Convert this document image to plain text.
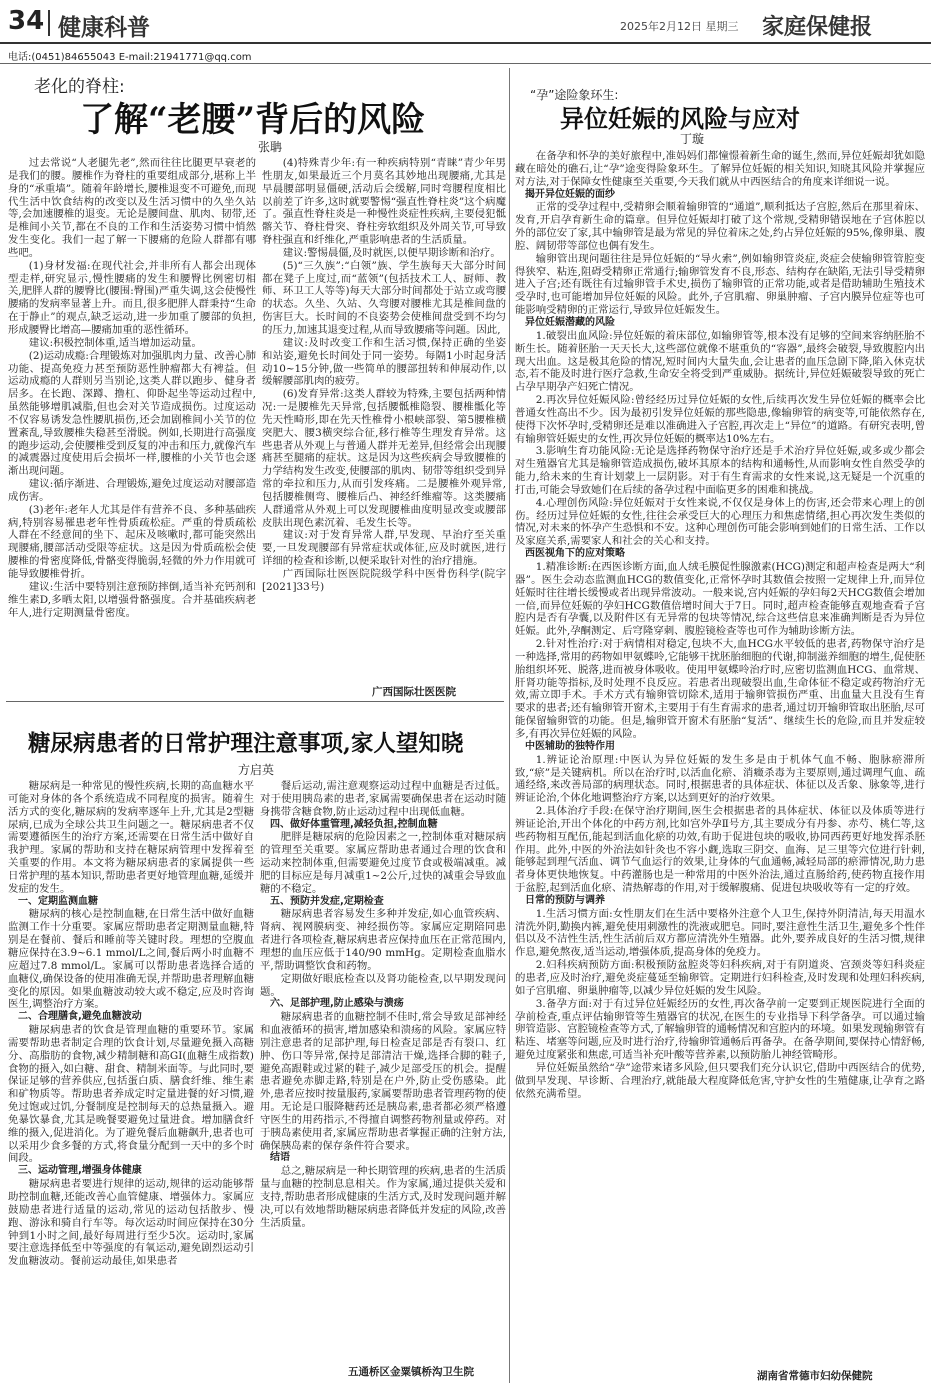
34 健康科普	2025年2月12日 星期三 家庭保健报
电话:(0451)84655043 E-mail:21941771@qq.com
老化的脊柱:
了解“老腰”背后的风险
张聃

过去常说“人老腿先老”,然而往往比腿更早衰老的是我们的腰。腰椎作为脊柱的重要组成部分,堪称上半身的“承重墙”。随着年龄增长,腰椎退变不可避免,而现代生活中饮食结构的改变以及生活习惯中的久坐久站等,会加速腰椎的退变。无论是腰间盘、肌肉、韧带,还是椎间小关节,都在不良的工作和生活姿势习惯中悄然发生变化。我们一起了解一下腰痛的危险人群都有哪些吧。

(1)身材发福:在现代社会,并非所有人都会出现体型走样,研究显示,慢性腰痛的发生和腰臀比例密切相关,肥胖人群的腰臀比(腰围:臀围)严重失调,这会使慢性腰痛的发病率显著上升。而且,很多肥胖人群秉持“生命在于静止”的观点,缺乏运动,进一步加重了腰部的负担,形成腰臀比增高—腰痛加重的恶性循环。

建议:积极控制体重,适当增加运动量。

(2)运动成瘾:合理锻炼对加强肌肉力量、改善心肺功能、提高免疫力甚至预防恶性肿瘤都大有裨益。但运动成瘾的人群则另当别论,这类人群以跑步、健身者居多。在长跑、深蹲、撸杠、仰卧起坐等运动过程中,虽然能够增肌减脂,但也会对关节造成损伤。过度运动不仅容易诱发急性腰肌损伤,还会加剧椎间小关节的位置紊乱,导致腰椎失稳甚至滑脱。例如,长期进行高强度的跑步运动,会使腰椎受到反复的冲击和压力,就像汽车的减震器过度使用后会损坏一样,腰椎的小关节也会逐渐出现问题。

建议:循序渐进、合理锻炼,避免过度运动对腰部造成伤害。

(3)老年:老年人尤其是伴有营养不良、多种基础疾病,特别容易罹患老年性骨质疏松症。严重的骨质疏松人群在不经意间的坐下、起床及咳嗽时,都可能突然出现腰痛,腰部活动受限等症状。这是因为骨质疏松会使腰椎的骨密度降低,骨骼变得脆弱,轻微的外力作用就可能导致腰椎骨折。

建议:生活中要特别注意预防摔倒,适当补充钙剂和维生素D,多晒太阳,以增强骨骼强度。合并基础疾病老年人,进行定期测量骨密度。

(4)特殊青少年:有一种疾病特别“青睐”青少年男性朋友,如果最近三个月莫名其妙地出现腰痛,尤其是早晨腰部明显僵硬,活动后会缓解,同时弯腰程度相比以前差了许多,这时就要警惕“强直性脊柱炎”这个病魔了。强直性脊柱炎是一种慢性炎症性疾病,主要侵犯骶髂关节、脊柱骨突、脊柱旁软组织及外周关节,可导致脊柱强直和纤维化,严重影响患者的生活质量。

建议:警惕晨僵,及时就医,以便早期诊断和治疗。

(5)“三久族”:“白领”族、学生族每天大部分时间都在凳子上度过,而“蓝领”(包括技术工人、厨师、教师、环卫工人等等)每天大部分时间都处于站立或弯腰的状态。久坐、久站、久弯腰对腰椎尤其是椎间盘的伤害巨大。长时间的不良姿势会使椎间盘受到不均匀的压力,加速其退变过程,从而导致腰痛等问题。因此,

建议:及时改变工作和生活习惯,保持正确的坐姿和站姿,避免长时间处于同一姿势。每隔1小时起身活动10~15分钟,做一些简单的腰部扭转和伸展动作,以缓解腰部肌肉的疲劳。

(6)发育异常:这类人群较为特殊,主要包括两种情况:一是腰椎先天异常,包括腰骶椎隐裂、腰椎骶化等先天性畸形,即在先天性椎骨小根峡部裂、第5腰椎横突肥大、腰3横突综合征,移行椎等生理发育异常。这些患者从外观上与普通人群并无差异,但经常会出现腰痛甚至腿痛的症状。这是因为这些疾病会导致腰椎的力学结构发生改变,使腰部的肌肉、韧带等组织受到异常的牵拉和压力,从而引发疼痛。二是腰椎外观异常,包括腰椎侧弯、腰椎后凸、神经纤维瘤等。这类腰痛人群通常从外观上可以发现腰椎曲度明显改变或腰部皮肤出现色素沉着、毛发生长等。

建议:对于发育异常人群,早发现、早治疗至关重要,一旦发现腰部有异常症状或体征,应及时就医,进行详细的检查和诊断,以便采取针对性的治疗措施。

广西国际壮医医院院级学科中医骨伤科学(院字[2021]33号)

广西国际壮医医院
糖尿病患者的日常护理注意事项,家人望知晓
方启英

糖尿病是一种常见的慢性疾病,长期的高血糖水平可能对身体的各个系统造成不同程度的损害。随着生活方式的变化,糖尿病的发病率逐年上升,尤其是2型糖尿病,已成为全球公共卫生问题之一。糖尿病患者不仅需要遵循医生的治疗方案,还需要在日常生活中做好自我护理。家属的帮助和支持在糖尿病管理中发挥着至关重要的作用。本文将为糖尿病患者的家属提供一些日常护理的基本知识,帮助患者更好地管理血糖,延缓并发症的发生。

一、定期监测血糖

糖尿病的核心是控制血糖,在日常生活中做好血糖监测工作十分重要。家属应帮助患者定期测量血糖,特别是在餐前、餐后和睡前等关键时段。理想的空腹血糖应保持在3.9~6.1 mmol/L之间,餐后两小时血糖不应超过7.8 mmol/L。家属可以帮助患者选择合适的血糖仪,确保设备的使用准确无误,并帮助患者理解血糖变化的原因。如果血糖波动较大或不稳定,应及时咨询医生,调整治疗方案。

二、合理膳食,避免血糖波动

糖尿病患者的饮食是管理血糖的重要环节。家属需要帮助患者制定合理的饮食计划,尽量避免摄入高糖分、高脂肪的食物,减少精制糖和高GI(血糖生成指数)食物的摄入,如白糖、甜食、精制米面等。与此同时,要保证足够的营养供应,包括蛋白质、膳食纤维、维生素和矿物质等。帮助患者养成定时定量进餐的好习惯,避免过饱或过饥,分餐制度是控制每天的总热量摄入。避免暴饮暴食,尤其是晚餐要避免过量进食。增加膳食纤维的摄入,促进消化。为了避免餐后血糖飙升,患者也可以采用少食多餐的方式,将食量分配到一天中的多个时间段。

三、运动管理,增强身体健康

糖尿病患者要进行规律的运动,规律的运动能够帮助控制血糖,还能改善心血管健康、增强体力。家属应鼓励患者进行适量的运动,常见的运动包括散步、慢跑、游泳和骑自行车等。每次运动时间应保持在30分钟到1小时之间,最好每周进行至少5次。运动时,家属要注意选择低至中等强度的有氧运动,避免剧烈运动引发血糖波动。餐前运动最佳,如果患者

餐后运动,需注意观察运动过程中血糖是否过低。对于使用胰岛素的患者,家属需要确保患者在运动时随身携带含糖食物,防止运动过程中出现低血糖。

四、做好体重管理,减轻负担,控制血糖

肥胖是糖尿病的危险因素之一,控制体重对糖尿病的管理至关重要。家属应帮助患者通过合理的饮食和运动来控制体重,但需要避免过度节食或极端减重。减肥的目标应是每月减重1~2公斤,过快的减重会导致血糖的不稳定。

五、预防并发症,定期检查

糖尿病患者容易发生多种并发症,如心血管疾病、肾病、视网膜病变、神经损伤等。家属应定期陪同患者进行各项检查,糖尿病患者应保持血压在正常范围内,理想的血压应低于140/90 mmHg。定期检查血脂水平,帮助调整饮食和药物。

定期做好眼底检查以及肾功能检查,以早期发现问题。

六、足部护理,防止感染与溃疡

糖尿病患者的血糖控制不佳时,常会导致足部神经和血液循环的损害,增加感染和溃疡的风险。家属应特别注意患者的足部护理,每日检查足部是否有裂口、红肿、伤口等异常,保持足部清洁干燥,选择合脚的鞋子,避免高跟鞋或过紧的鞋子,减少足部受压的机会。提醒患者避免赤脚走路,特别是在户外,防止受伤感染。此外,患者应按时按量服药,家属要帮助患者管理药物的使用。无论是口服降糖药还是胰岛素,患者都必须严格遵守医生的用药指示,不得擅自调整药物剂量或停药。对于胰岛素使用者,家属应帮助患者掌握正确的注射方法,确保胰岛素的保存条件符合要求。

结语

总之,糖尿病是一种长期管理的疾病,患者的生活质量与血糖的控制息息相关。作为家属,通过提供关爱和支持,帮助患者形成健康的生活方式,及时发现问题并解决,可以有效地帮助糖尿病患者降低并发症的风险,改善生活质量。

五通桥区金粟镇桥沟卫生院
“孕”途险象环生:
异位妊娠的风险与应对
丁璇

在备孕和怀孕的美好旅程中,准妈妈们都憧憬着新生命的诞生,然而,异位妊娠却犹如隐藏在暗处的礁石,让“孕”途变得险象环生。了解异位妊娠的相关知识,知晓其风险并掌握应对方法,对于保障女性健康至关重要,今天我们就从中西医结合的角度来详细说一说。

揭开异位妊娠的面纱

正常的受孕过程中,受精卵会顺着输卵管的“通道”,顺利抵达子宫腔,然后在那里着床、发育,开启孕育新生命的篇章。但异位妊娠却打破了这个常规,受精卵错误地在子宫体腔以外的部位安了家,其中输卵管是最为常见的异位着床之处,约占异位妊娠的95%,像卵巢、腹腔、阔韧带等部位也偶有发生。

输卵管出现问题往往是异位妊娠的“导火索”,例如输卵管炎症,炎症会使输卵管管腔变得狭窄、粘连,阻碍受精卵正常通行;输卵管发育不良,形态、结构存在缺陷,无法引导受精卵进入子宫;还有既往有过输卵管手术史,损伤了输卵管的正常功能,或者是借助辅助生殖技术受孕时,也可能增加异位妊娠的风险。此外,子宫肌瘤、卵巢肿瘤、子宫内膜异位症等也可能影响受精卵的正常运行,导致异位妊娠发生。

异位妊娠潜藏的风险

1.破裂出血风险:异位妊娠的着床部位,如输卵管等,根本没有足够的空间来容纳胚胎不断生长。随着胚胎一天天长大,这些部位就像不堪重负的“容器”,最终会破裂,导致腹腔内出现大出血。这是极其危险的情况,短时间内大量失血,会让患者的血压急剧下降,陷入休克状态,若不能及时进行医疗急救,生命安全将受到严重威胁。据统计,异位妊娠破裂导致的死亡占孕早期孕产妇死亡情况。

2.再次异位妊娠风险:曾经经历过异位妊娠的女性,后续再次发生异位妊娠的概率会比普通女性高出不少。因为最初引发异位妊娠的那些隐患,像输卵管的病变等,可能依然存在,使得下次怀孕时,受精卵还是难以准确进入子宫腔,再次走上“异位”的道路。有研究表明,曾有输卵管妊娠史的女性,再次异位妊娠的概率达10%左右。

3.影响生育功能风险:无论是选择药物保守治疗还是手术治疗异位妊娠,或多或少都会对生殖器官尤其是输卵管造成损伤,破坏其原本的结构和通畅性,从而影响女性自然受孕的能力,给未来的生育计划蒙上一层阴影。对于有生育需求的女性来说,这无疑是一个沉重的打击,可能会导致她们在后续的备孕过程中面临更多的困难和挑战。

4.心理创伤风险:异位妊娠对于女性来说,不仅仅是身体上的伤害,还会带来心理上的创伤。经历过异位妊娠的女性,往往会承受巨大的心理压力和焦虑情绪,担心再次发生类似的情况,对未来的怀孕产生恐惧和不安。这种心理创伤可能会影响到她们的日常生活、工作以及家庭关系,需要家人和社会的关心和支持。

西医视角下的应对策略

1.精准诊断:在西医诊断方面,血人绒毛膜促性腺激素(HCG)测定和超声检查是两大“利器”。医生会动态监测血HCG的数值变化,正常怀孕时其数值会按照一定规律上升,而异位妊娠时往往增长缓慢或者出现异常波动。一般来说,宫内妊娠的孕妇每2天HCG数值会增加一倍,而异位妊娠的孕妇HCG数值倍增时间大于7日。同时,超声检查能够直观地查看子宫腔内是否有孕囊,以及附件区有无异常的包块等情况,综合这些信息来准确判断是否为异位妊娠。此外,孕酮测定、后穹隆穿刺、腹腔镜检查等也可作为辅助诊断方法。

2.针对性治疗:对于病情相对稳定,包块不大,血HCG水平较低的患者,药物保守治疗是一种选择,常用的药物如甲氨蝶呤,它能够干扰胚胎细胞的代谢,抑制滋养细胞的增生,促使胚胎组织坏死、脱落,进而被身体吸收。使用甲氨蝶呤治疗时,应密切监测血HCG、血常规、肝肾功能等指标,及时处理不良反应。若患者出现破裂出血,生命体征不稳定或药物治疗无效,需立即手术。手术方式有输卵管切除术,适用于输卵管损伤严重、出血量大且没有生育要求的患者;还有输卵管开窗术,主要用于有生育需求的患者,通过切开输卵管取出胚胎,尽可能保留输卵管的功能。但是,输卵管开窗术有胚胎“复活”、继续生长的危险,而且并发症较多,有再次异位妊娠的风险。

中医辅助的独特作用

1.辨证论治原理:中医认为异位妊娠的发生多是由于机体气血不畅、胞脉瘀滞所致,“瘀”是关键病机。所以在治疗时,以活血化瘀、消癥杀毒为主要原则,通过调理气血、疏通经络,来改善局部的病理状态。同时,根据患者的具体症状、体征以及舌象、脉象等,进行辨证论治,个体化地调整治疗方案,以达到更好的治疗效果。

2.具体治疗手段:在保守治疗期间,医生会根据患者的具体症状、体征以及体质等进行辨证论治,开出个体化的中药方剂,比如宫外孕Ⅱ号方,其主要成分有丹参、赤芍、桃仁等,这些药物相互配伍,能起到活血化瘀的功效,有助于促进包块的吸收,协同西药更好地发挥杀胚作用。此外,中医的外治法如针灸也不容小觑,选取三阴交、血海、足三里等穴位进行针刺,能够起到理气活血、调节气血运行的效果,让身体的气血通畅,减轻局部的瘀滞情况,助力患者身体更快地恢复。中药灌肠也是一种常用的中医外治法,通过直肠给药,使药物直接作用于盆腔,起到活血化瘀、清热解毒的作用,对于缓解腹痛、促进包块吸收等有一定的疗效。

日常的预防与调养

1.生活习惯方面:女性朋友们在生活中要格外注意个人卫生,保持外阴清洁,每天用温水清洗外阴,勤换内裤,避免使用刺激性的洗液或肥皂。同时,要注意性生活卫生,避免多个性伴侣以及不洁性生活,性生活前后双方都应清洗外生殖器。此外,要养成良好的生活习惯,规律作息,避免熬夜,适当运动,增强体质,提高身体的免疫力。

2.妇科疾病预防方面:积极预防盆腔炎等妇科疾病,对于有阴道炎、宫颈炎等妇科炎症的患者,应及时治疗,避免炎症蔓延至输卵管。定期进行妇科检查,及时发现和处理妇科疾病,如子宫肌瘤、卵巢肿瘤等,以减少异位妊娠的发生风险。

3.备孕方面:对于有过异位妊娠经历的女性,再次备孕前一定要到正规医院进行全面的孕前检查,重点评估输卵管等生殖器官的状况,在医生的专业指导下科学备孕。可以通过输卵管造影、宫腔镜检查等方式,了解输卵管的通畅情况和宫腔内的环境。如果发现输卵管有粘连、堵塞等问题,应及时进行治疗,待输卵管通畅后再备孕。在备孕期间,要保持心情舒畅,避免过度紧张和焦虑,可适当补充叶酸等营养素,以预防胎儿神经管畸形。

异位妊娠虽然给“孕”途带来诸多风险,但只要我们充分认识它,借助中西医结合的优势,做到早发现、早诊断、合理治疗,就能最大程度降低危害,守护女性的生殖健康,让孕育之路依然充满希望。

湖南省常德市妇幼保健院
